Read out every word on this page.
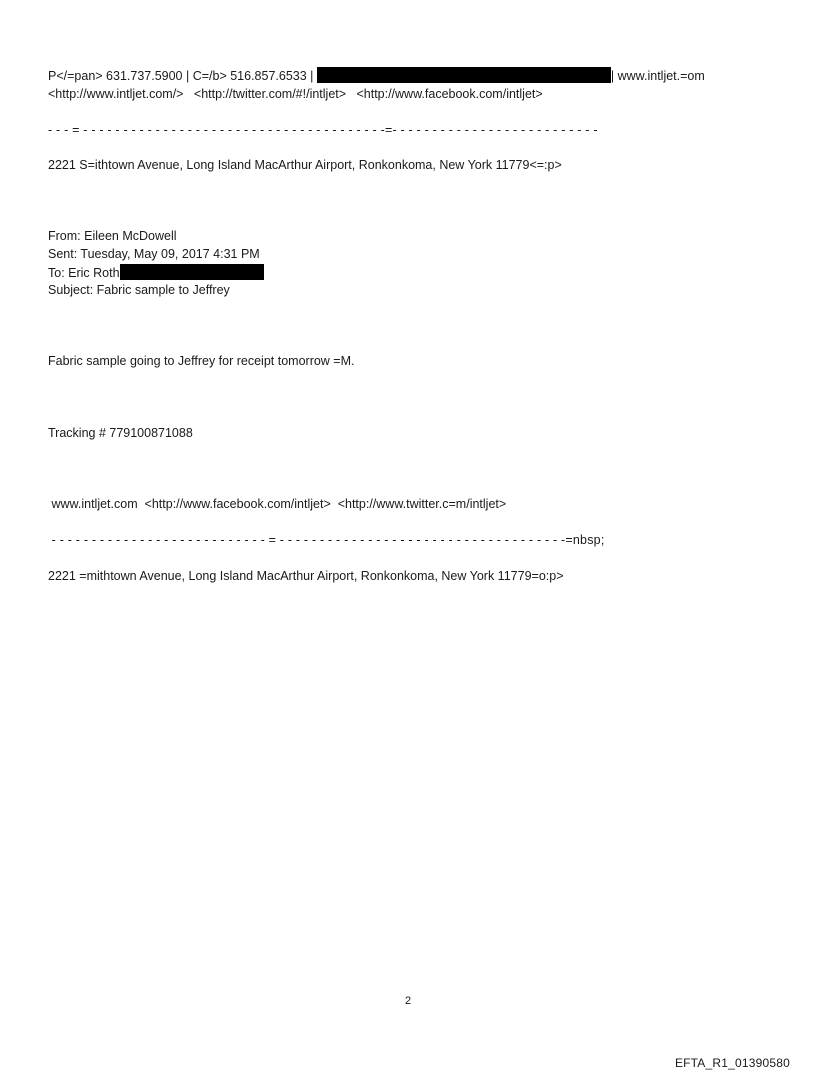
P</=pan> 631.737.5900 | C=/b> 516.857.6533 |	| www.intljet.=om
<http://www.intljet.com/>   <http://twitter.com/#!/intljet>   <http://www.facebook.com/intljet>
- - - = - - - - - - - - - - - - - - - - - - - - - - - - - - - - - - - - - - - - - -=- - - - - - - - - - - - - - - - - - - - - - - - - -
2221 S=ithtown Avenue, Long Island MacArthur Airport, Ronkonkoma, New York 11779<=:p>
From: Eileen McDowell
Sent: Tuesday, May 09, 2017 4:31 PM
To: Eric Roth
Subject: Fabric sample to Jeffrey
Fabric sample going to Jeffrey for receipt tomorrow =M.
Tracking # 779100871088
www.intljet.com  <http://www.facebook.com/intljet>  <http://www.twitter.c=m/intljet>
- - - - - - - - - - - - - - - - - - - - - - - - - - - = - - - - - - - - - - - - - - - - - - - - - - - - - - - - - - - - - - - -=nbsp;
2221 =mithtown Avenue, Long Island MacArthur Airport, Ronkonkoma, New York 11779=o:p>
2
EFTA_R1_01390580
